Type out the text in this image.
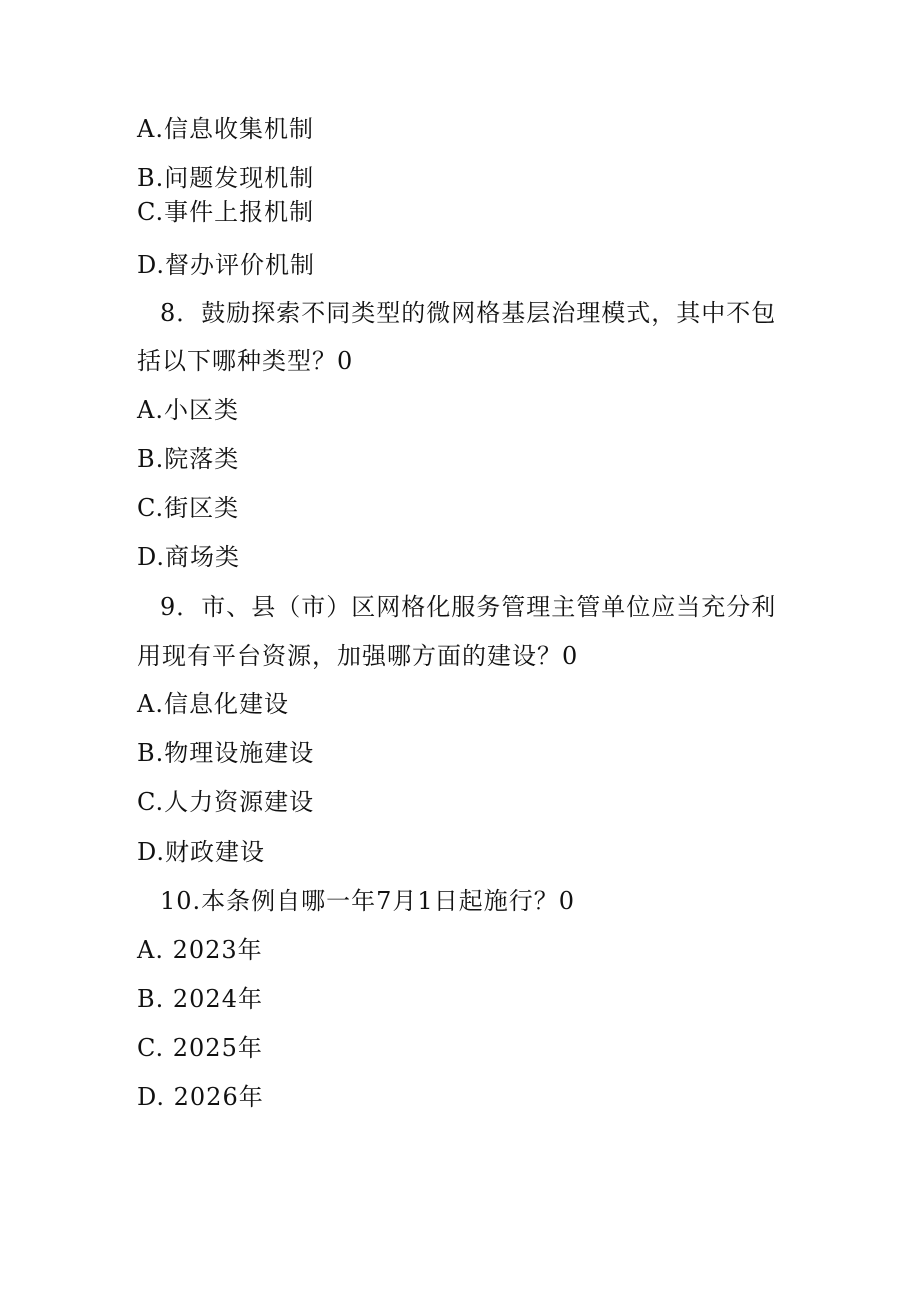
A.信息收集机制
B.问题发现机制
C.事件上报机制
D.督办评价机制
8．鼓励探索不同类型的微网格基层治理模式，其中不包
括以下哪种类型？0
A.小区类
B.院落类
C.街区类
D.商场类
9．市、县（市）区网格化服务管理主管单位应当充分利
用现有平台资源，加强哪方面的建设？0
A.信息化建设
B.物理设施建设
C.人力资源建设
D.财政建设
10.本条例自哪一年7月1日起施行？0
A. 2023年
B. 2024年
C. 2025年
D. 2026年
